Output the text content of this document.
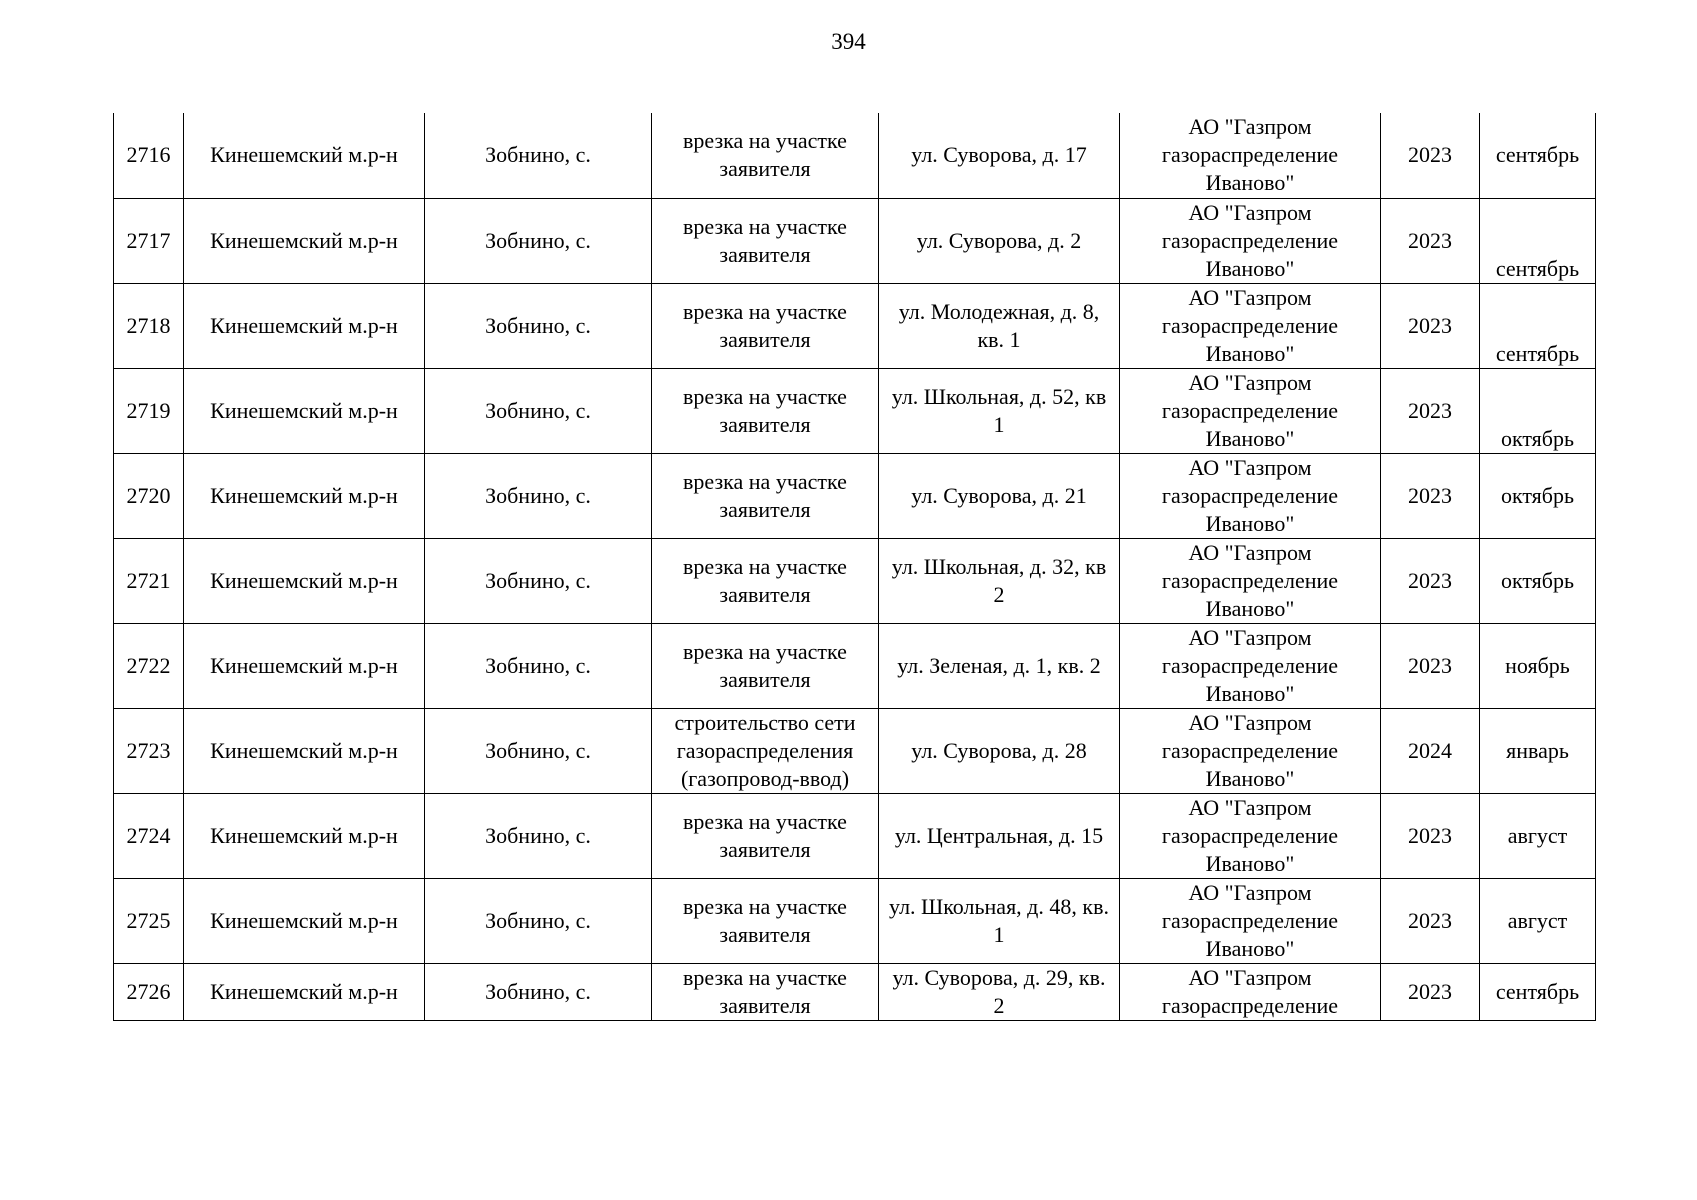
394
2716	Кинешемский м.р-н	Зобнино, с.	врезка на участке заявителя	ул. Суворова, д. 17	АО "Газпром газораспределение Иваново"	2023	сентябрь
2717	Кинешемский м.р-н	Зобнино, с.	врезка на участке заявителя	ул. Суворова, д. 2	АО "Газпром газораспределение Иваново"	2023	сентябрь
2718	Кинешемский м.р-н	Зобнино, с.	врезка на участке заявителя	ул. Молодежная, д. 8, кв. 1	АО "Газпром газораспределение Иваново"	2023	сентябрь
2719	Кинешемский м.р-н	Зобнино, с.	врезка на участке заявителя	ул. Школьная, д. 52, кв 1	АО "Газпром газораспределение Иваново"	2023	октябрь
2720	Кинешемский м.р-н	Зобнино, с.	врезка на участке заявителя	ул. Суворова, д. 21	АО "Газпром газораспределение Иваново"	2023	октябрь
2721	Кинешемский м.р-н	Зобнино, с.	врезка на участке заявителя	ул. Школьная, д. 32, кв 2	АО "Газпром газораспределение Иваново"	2023	октябрь
2722	Кинешемский м.р-н	Зобнино, с.	врезка на участке заявителя	ул. Зеленая, д. 1, кв. 2	АО "Газпром газораспределение Иваново"	2023	ноябрь
2723	Кинешемский м.р-н	Зобнино, с.	строительство сети газораспределения (газопровод-ввод)	ул. Суворова, д. 28	АО "Газпром газораспределение Иваново"	2024	январь
2724	Кинешемский м.р-н	Зобнино, с.	врезка на участке заявителя	ул. Центральная, д. 15	АО "Газпром газораспределение Иваново"	2023	август
2725	Кинешемский м.р-н	Зобнино, с.	врезка на участке заявителя	ул. Школьная, д. 48, кв. 1	АО "Газпром газораспределение Иваново"	2023	август
2726	Кинешемский м.р-н	Зобнино, с.	врезка на участке заявителя	ул. Суворова, д. 29, кв. 2	АО "Газпром газораспределение	2023	сентябрь
